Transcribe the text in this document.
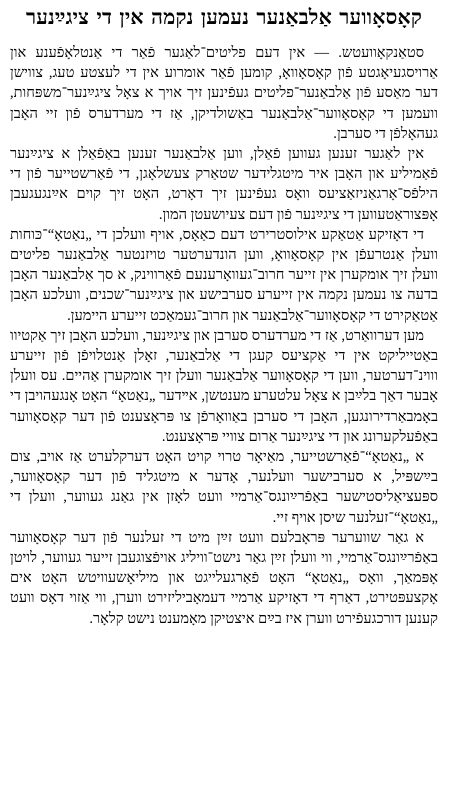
קאָסאָווער אַלבאַנער נעמען נקמה אין די ציגײַנער

סטאַנקאָוועטש. — אין דעם פליטים־לאַגער פֿאַר די אַנטלאָפֿענע און אַרויסגעיאָגטע פֿון קאָסאָוואָ, קומען פֿאַר אומרוע אין די לעצטע טעג, צווישן דער מאַסע פֿון אַלבאַנער־פליטים געפֿינען זיך אויך א צאָל ציגײַנער־משפּחות, וועמען די קאָסאָווער־אַלבאַנער באַשולדיקן, אַז די מערדערס פֿון זיי האָבן געהאָלפֿן די סערבן.

אין לאַגער זענען געווען פֿאַלן, ווען אַלבאַנער זענען באַפֿאַלן א ציגײַנער פֿאַמיליע און האָבן איר מיטגלידער שטאַרק צעשלאָגן, די פֿאַרשטייער פֿון די הילפֿס־אָרגאַניזאַציעס וואָס געפֿינען זיך דאָרט, האָט זיך קוים אײַנגעגעבן אָפּצוראַטעווען די ציגײַנער פֿון דעם צעיושעטן המון.

די דאָזיקע אַטאַקע אילוסטרירט דעם כאַאָס, אויף וועלכן די „נאַטאָ“־כּוחות וועלן אַנטרעפֿן אין קאָסאָוואָ, ווען הונדערטער טויזנטער אַלבאַנער פליטים וועלן זיך אומקערן אין זייער חרוב־געוואָרענעם פֿאַרווינק, א סך אַלבאַנער האָבן בדעה צו נעמען נקמה אין זייערע סערבישע און ציגײַנער־שכנים, וועלכע האָבן אַטאַקירט די קאָסאָווער־אַלבאַנער און חרוב־געמאַכט זייערע היימען.

מען דערוואַרט, אַז די מערדערס סערבן און ציגײַנער, וועלכע האָבן זיך אַקטיוו באַטייליקט אין די אַקציעס קעגן די אַלבאַנער, זאָלן אַנטלויפֿן פֿון זייערע ווױנ־דערטער, ווען די קאָסאָווער אַלבאַנער וועלן זיך אומקערן אַהיים. עס וועלן אָבער דאַך בלײַבן א צאָל עלטערע מענטשן, אײדער „נאַטאָ“ האָט אָנגעהויבן די באָמבאַרדירונגען, האָבן די סערבן באַוואָרפֿן צו פּראָצענט פֿון דער קאָסאָווער באַפֿעלקערונג און די ציגײַנער אַרום צוויי פּראָצענט.

א „נאַטאָ“־פֿאַרשטייער, מאַיאָר טרוי קויט האָט דערקלערט אַז אויב, צום בײַשפּיל, א סערבישער וועלנער, אָדער א מיטגליד פֿון דער קאָסאָווער, ספּעציאַליסטישער באַפֿרײַונגס־אַרמיי וועט לאָזן אין גאַנג געווער, וועלן די „נאַטאָ“־זעלנער שיסן אויף זיי.

א גאַר שווערער פּראָבלעם וועט זײַן מיט די זעלנער פֿון דער קאָסאָווער באַפֿרײַונגס־אַרמיי, ווי וועלן זײַן גאַר נישט־וויליג אויפֿצוגעבן זייער געווער, לויטן אָפּמאַך, וואָס „נאַטאָ“ האָט פֿאַרגעלייגט און מיליאָשעוויטש האָט אים אָקצעפּטירט, דאַרף די דאָזיקע אַרמיי דעמאָביליזירט ווערן, ווי אַזוי דאָס וועט קענען דורכגעפֿירט ווערן איז בײַם איצטיקן מאָמענט נישט קלאָר.
